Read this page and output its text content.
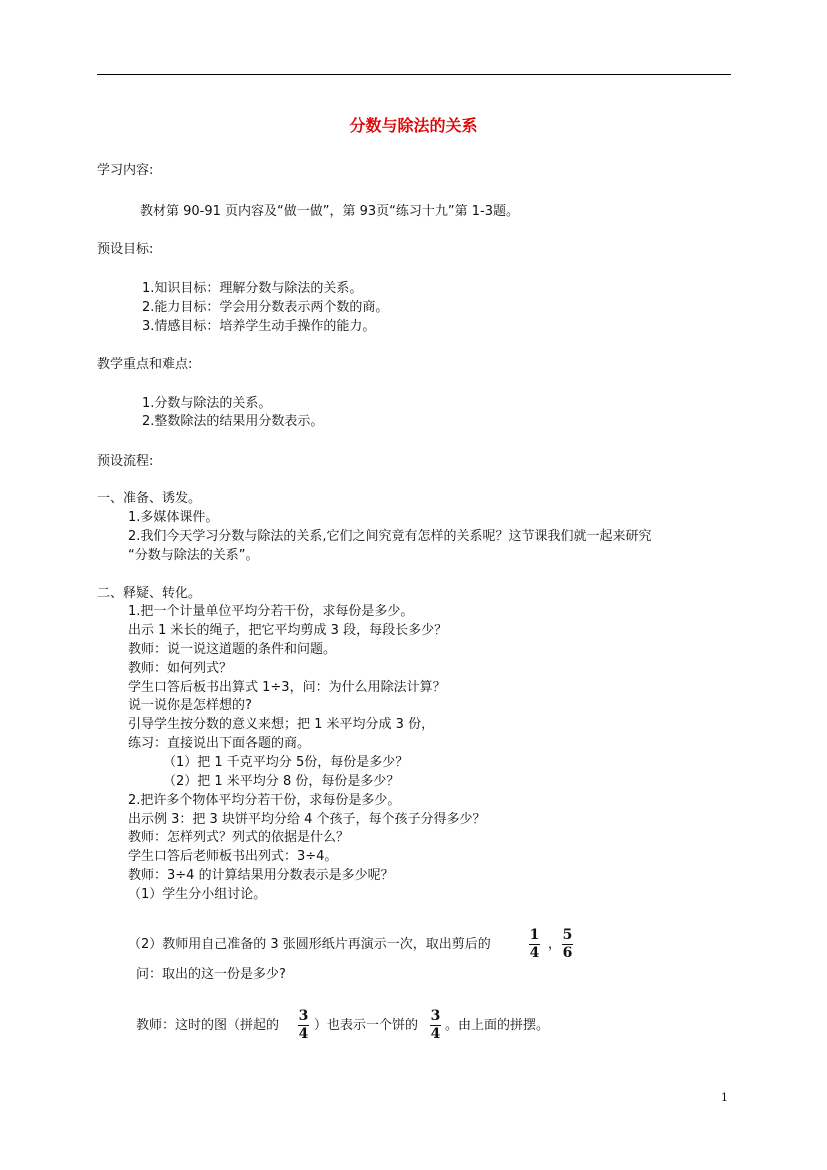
分数与除法的关系
学习内容:
教材第 90-91 页内容及“做一做”，第 93页“练习十九”第 1-3题。
预设目标:
1.知识目标：理解分数与除法的关系。
2.能力目标：学会用分数表示两个数的商。
3.情感目标：培养学生动手操作的能力。
教学重点和难点:
1.分数与除法的关系。
2.整数除法的结果用分数表示。
预设流程:
一、准备、诱发。
1.多媒体课件。
2.我们今天学习分数与除法的关系,它们之间究竟有怎样的关系呢？这节课我们就一起来研究
“分数与除法的关系”。
二、释疑、转化。
1.把一个计量单位平均分若干份，求每份是多少。
出示 1 米长的绳子，把它平均剪成 3 段，每段长多少？
教师：说一说这道题的条件和问题。
教师：如何列式？
学生口答后板书出算式 1÷3，问：为什么用除法计算？
说一说你是怎样想的?
引导学生按分数的意义来想；把 1 米平均分成 3 份，
练习：直接说出下面各题的商。
（1）把 1 千克平均分 5份，每份是多少？
（2）把 1 米平均分 8 份，每份是多少？
2.把许多个物体平均分若干份，求每份是多少。
出示例 3：把 3 块饼平均分给 4 个孩子，每个孩子分得多少？
教师：怎样列式？列式的依据是什么？
学生口答后老师板书出列式：3÷4。
教师：3÷4 的计算结果用分数表示是多少呢？
（1）学生分小组讨论。
（2）教师用自己准备的 3 张圆形纸片再演示一次，取出剪后的
1
4
，
5
6
问：取出的这一份是多少?
教师：这时的图（拼起的
3
4
）也表示一个饼的
3
4
。由上面的拼摆。
1
